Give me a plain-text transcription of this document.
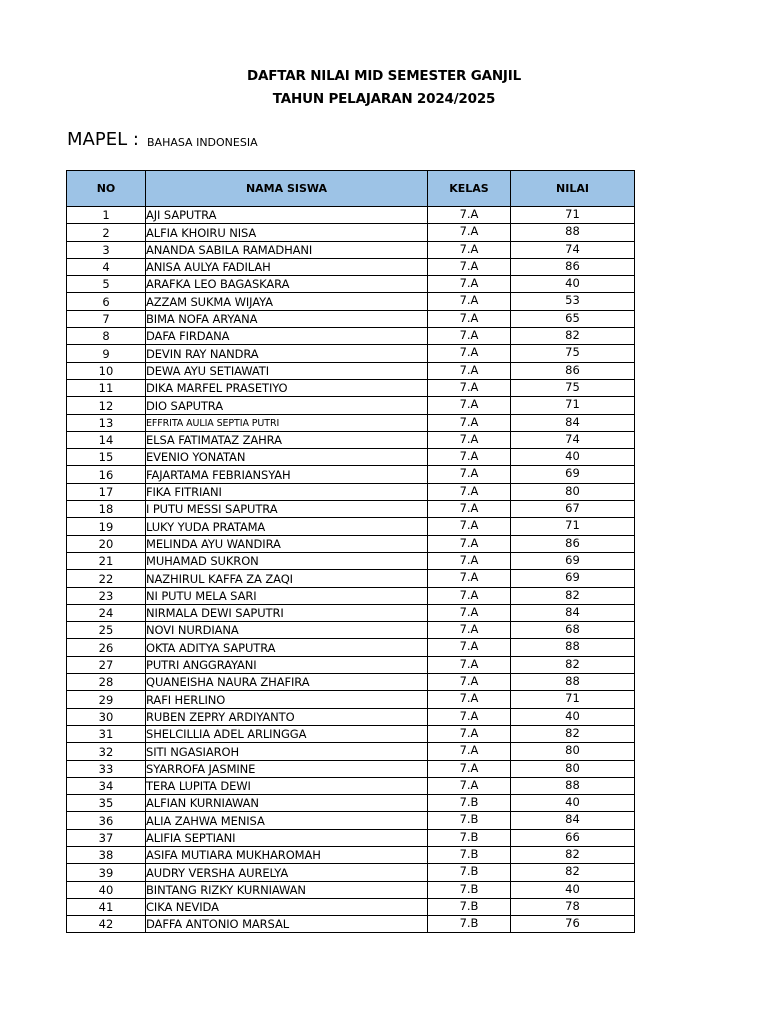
DAFTAR NILAI MID SEMESTER GANJIL
TAHUN PELAJARAN 2024/2025
MAPEL : BAHASA INDONESIA
NO	NAMA SISWA	KELAS	NILAI
1	AJI SAPUTRA	7.A	71
2	ALFIA KHOIRU NISA	7.A	88
3	ANANDA SABILA RAMADHANI	7.A	74
4	ANISA AULYA FADILAH	7.A	86
5	ARAFKA LEO BAGASKARA	7.A	40
6	AZZAM SUKMA WIJAYA	7.A	53
7	BIMA NOFA ARYANA	7.A	65
8	DAFA FIRDANA	7.A	82
9	DEVIN RAY NANDRA	7.A	75
10	DEWA AYU SETIAWATI	7.A	86
11	DIKA MARFEL PRASETIYO	7.A	75
12	DIO SAPUTRA	7.A	71
13	EFFRITA AULIA SEPTIA PUTRI	7.A	84
14	ELSA FATIMATAZ ZAHRA	7.A	74
15	EVENIO YONATAN	7.A	40
16	FAJARTAMA FEBRIANSYAH	7.A	69
17	FIKA FITRIANI	7.A	80
18	I PUTU MESSI SAPUTRA	7.A	67
19	LUKY YUDA PRATAMA	7.A	71
20	MELINDA AYU WANDIRA	7.A	86
21	MUHAMAD SUKRON	7.A	69
22	NAZHIRUL KAFFA ZA ZAQI	7.A	69
23	NI PUTU MELA SARI	7.A	82
24	NIRMALA DEWI SAPUTRI	7.A	84
25	NOVI NURDIANA	7.A	68
26	OKTA ADITYA SAPUTRA	7.A	88
27	PUTRI ANGGRAYANI	7.A	82
28	QUANEISHA NAURA ZHAFIRA	7.A	88
29	RAFI HERLINO	7.A	71
30	RUBEN ZEPRY ARDIYANTO	7.A	40
31	SHELCILLIA ADEL ARLINGGA	7.A	82
32	SITI NGASIAROH	7.A	80
33	SYARROFA JASMINE	7.A	80
34	TERA LUPITA DEWI	7.A	88
35	ALFIAN KURNIAWAN	7.B	40
36	ALIA ZAHWA MENISA	7.B	84
37	ALIFIA SEPTIANI	7.B	66
38	ASIFA MUTIARA MUKHAROMAH	7.B	82
39	AUDRY VERSHA AURELYA	7.B	82
40	BINTANG RIZKY KURNIAWAN	7.B	40
41	CIKA NEVIDA	7.B	78
42	DAFFA ANTONIO MARSAL	7.B	76
